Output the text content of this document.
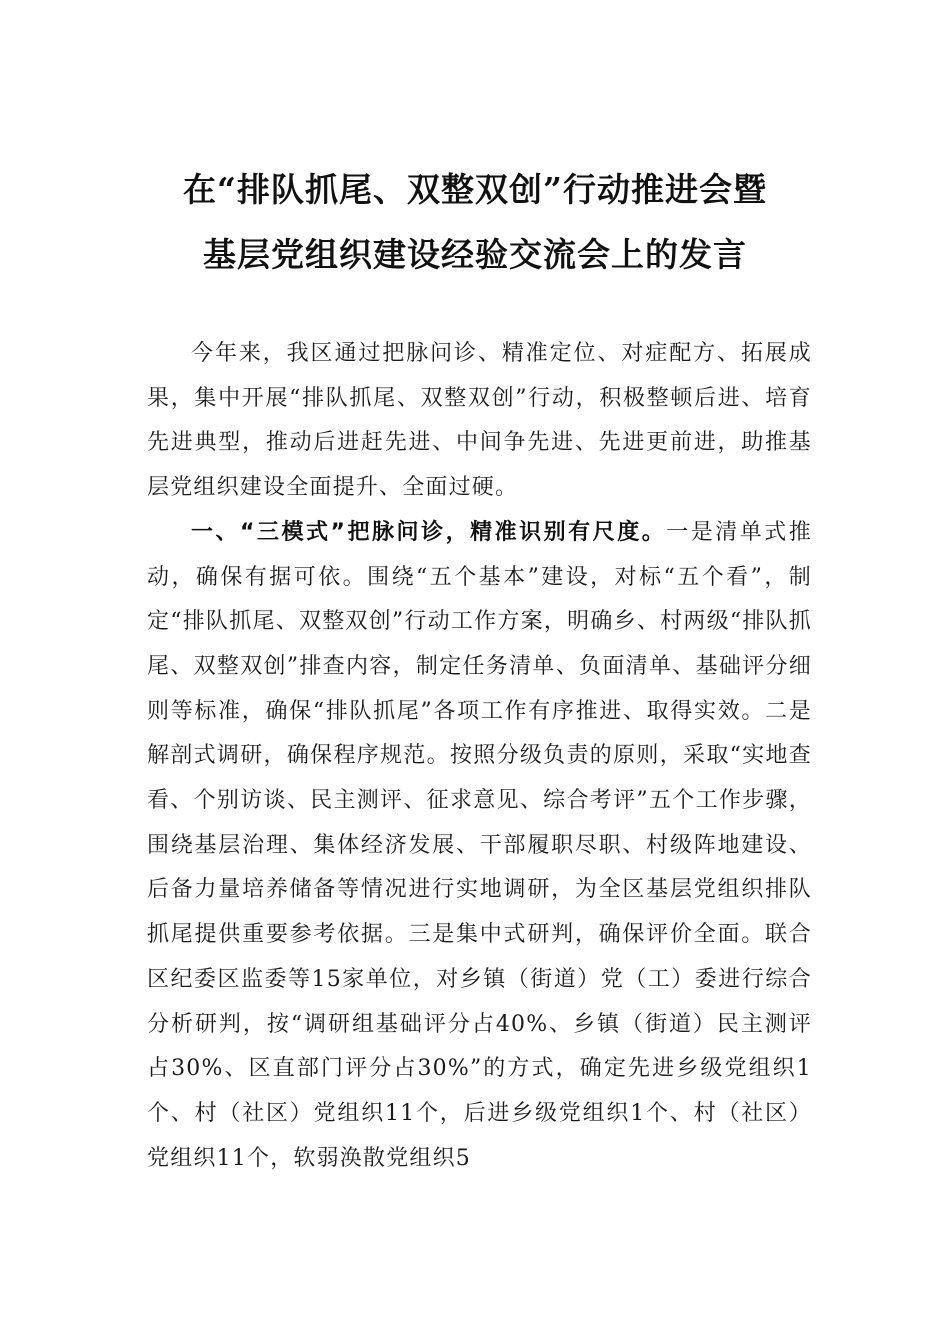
在“排队抓尾、双整双创”行动推进会暨
基层党组织建设经验交流会上的发言

今年来，我区通过把脉问诊、精准定位、对症配方、拓展成果，集中开展“排队抓尾、双整双创”行动，积极整顿后进、培育先进典型，推动后进赶先进、中间争先进、先进更前进，助推基层党组织建设全面提升、全面过硬。

一、“三模式”把脉问诊，精准识别有尺度。一是清单式推动，确保有据可依。围绕“五个基本”建设，对标“五个看”，制定“排队抓尾、双整双创”行动工作方案，明确乡、村两级“排队抓尾、双整双创”排查内容，制定任务清单、负面清单、基础评分细则等标准，确保“排队抓尾”各项工作有序推进、取得实效。二是解剖式调研，确保程序规范。按照分级负责的原则，采取“实地查看、个别访谈、民主测评、征求意见、综合考评”五个工作步骤，围绕基层治理、集体经济发展、干部履职尽职、村级阵地建设、后备力量培养储备等情况进行实地调研，为全区基层党组织排队抓尾提供重要参考依据。三是集中式研判，确保评价全面。联合区纪委区监委等15家单位，对乡镇（街道）党（工）委进行综合分析研判，按“调研组基础评分占40%、乡镇（街道）民主测评占30%、区直部门评分占30%”的方式，确定先进乡级党组织1个、村（社区）党组织11个，后进乡级党组织1个、村（社区）党组织11个，软弱涣散党组织5
